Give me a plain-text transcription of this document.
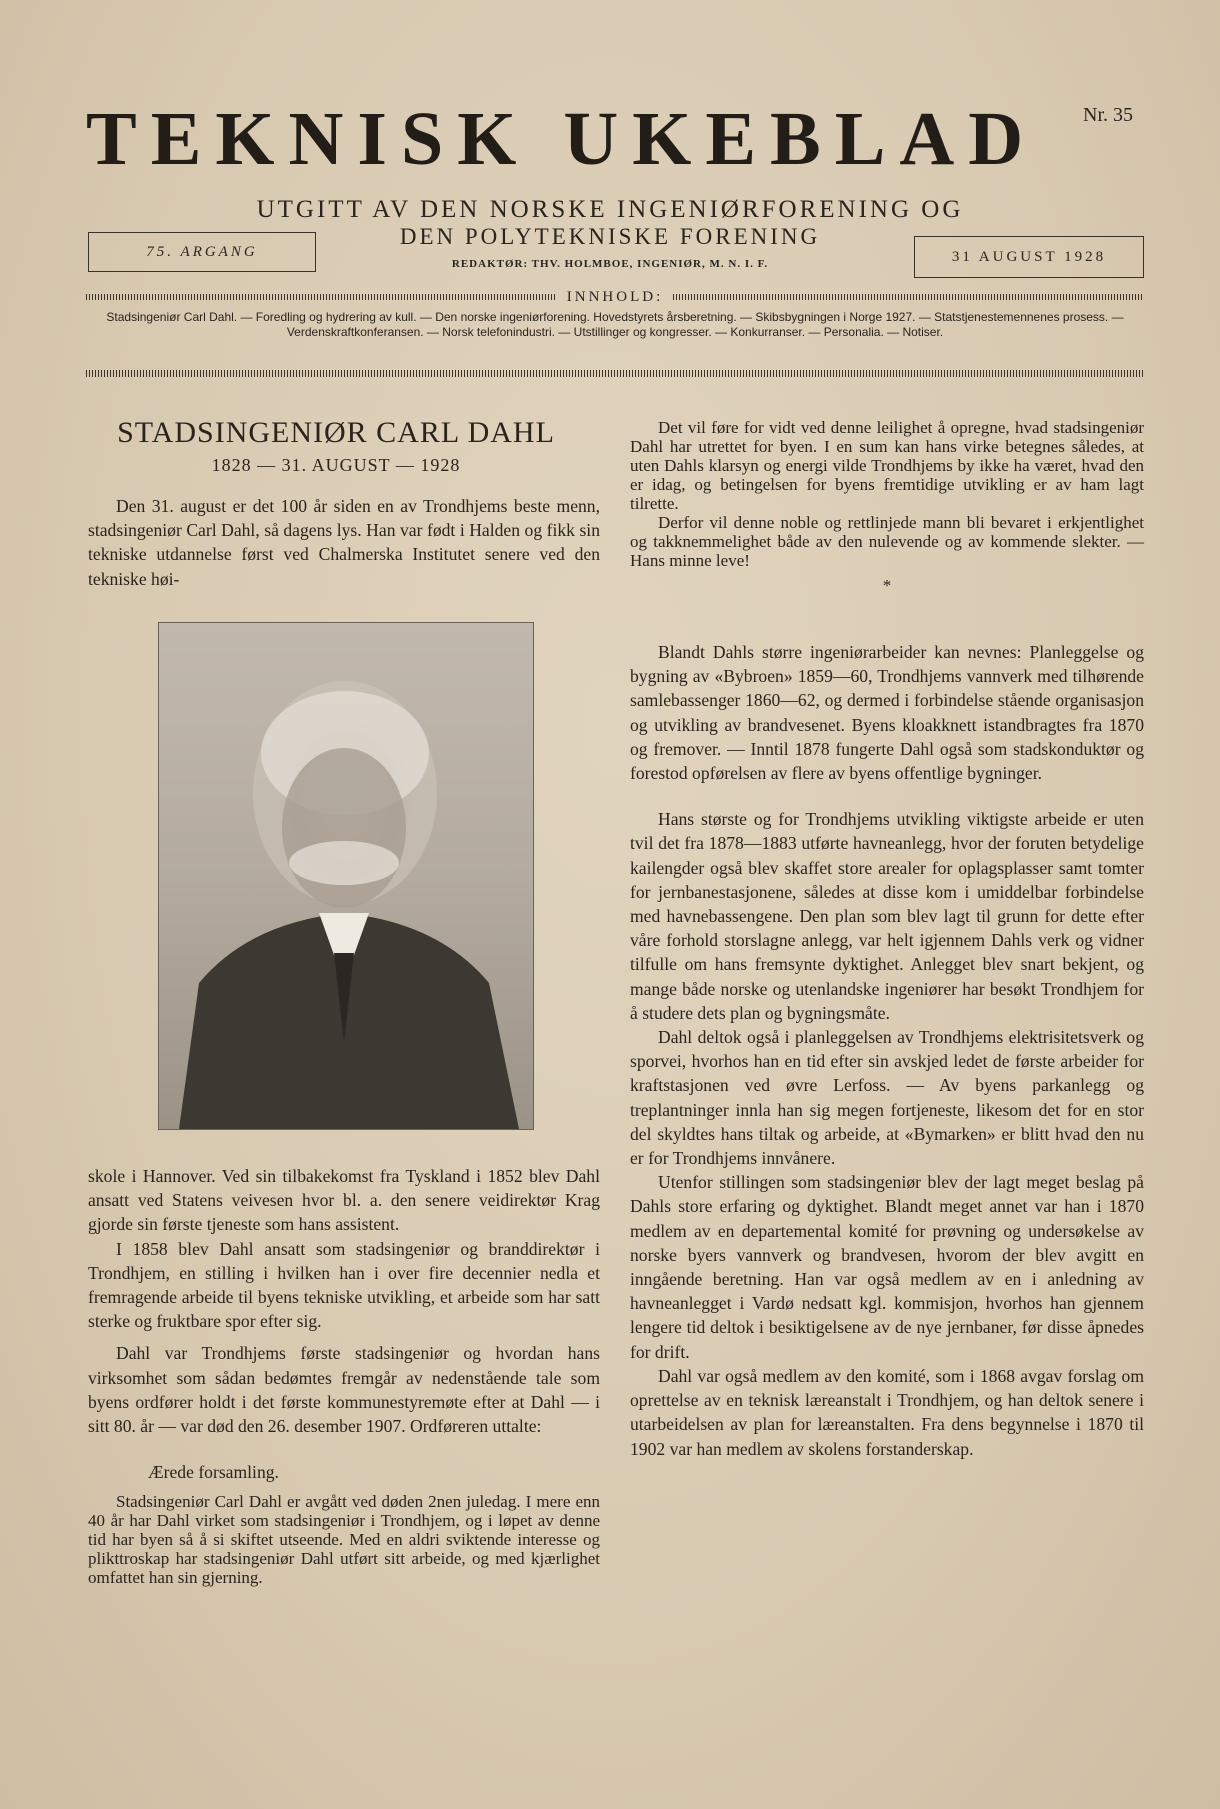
TEKNISK UKEBLAD	Nr. 35
UTGITT AV DEN NORSKE INGENIØRFORENING OG
DEN POLYTEKNISKE FORENING
REDAKTØR: THV. HOLMBOE, INGENIØR, M. N. I. F.
75. ARGANG	31 AUGUST 1928
INNHOLD:
Stadsingeniør Carl Dahl. — Foredling og hydrering av kull. — Den norske ingeniørforening. Hovedstyrets årsberetning. — Skibsbygningen i Norge 1927. — Statstjenestemennenes prosess. — Verdenskraftkonferansen. — Norsk telefonindustri. — Utstillinger og kongresser. — Konkurranser. — Personalia. — Notiser.
STADSINGENIØR CARL DAHL
1828 — 31. AUGUST — 1928

Den 31. august er det 100 år siden en av Trondhjems beste menn, stadsingeniør Carl Dahl, så dagens lys. Han var født i Halden og fikk sin tekniske utdannelse først ved Chalmerska Institutet senere ved den tekniske høi-

skole i Hannover. Ved sin tilbakekomst fra Tyskland i 1852 blev Dahl ansatt ved Statens veivesen hvor bl. a. den senere veidirektør Krag gjorde sin første tjeneste som hans assistent.

I 1858 blev Dahl ansatt som stadsingeniør og branddirektør i Trondhjem, en stilling i hvilken han i over fire decennier nedla et fremragende arbeide til byens tekniske utvikling, et arbeide som har satt sterke og fruktbare spor efter sig.

Dahl var Trondhjems første stadsingeniør og hvordan hans virksomhet som sådan bedømtes fremgår av nedenstående tale som byens ordfører holdt i det første kommunestyremøte efter at Dahl — i sitt 80. år — var død den 26. desember 1907. Ordføreren uttalte:

Ærede forsamling.

Stadsingeniør Carl Dahl er avgått ved døden 2nen juledag. I mere enn 40 år har Dahl virket som stadsingeniør i Trondhjem, og i løpet av denne tid har byen så å si skiftet utseende. Med en aldri sviktende interesse og plikttroskap har stadsingeniør Dahl utført sitt arbeide, og med kjærlighet omfattet han sin gjerning.

Det vil føre for vidt ved denne leilighet å opregne, hvad stadsingeniør Dahl har utrettet for byen. I en sum kan hans virke betegnes således, at uten Dahls klarsyn og energi vilde Trondhjems by ikke ha været, hvad den er idag, og betingelsen for byens fremtidige utvikling er av ham lagt tilrette.

Derfor vil denne noble og rettlinjede mann bli bevaret i erkjentlighet og takknemmelighet både av den nulevende og av kommende slekter. — Hans minne leve!

*

Blandt Dahls større ingeniørarbeider kan nevnes: Planleggelse og bygning av «Bybroen» 1859—60, Trondhjems vannverk med tilhørende samlebassenger 1860—62, og dermed i forbindelse stående organisasjon og utvikling av brandvesenet. Byens kloakknett istandbragtes fra 1870 og fremover. — Inntil 1878 fungerte Dahl også som stadskonduktør og forestod opførelsen av flere av byens offentlige bygninger.

Hans største og for Trondhjems utvikling viktigste arbeide er uten tvil det fra 1878—1883 utførte havneanlegg, hvor der foruten betydelige kailengder også blev skaffet store arealer for oplagsplasser samt tomter for jernbanestasjonene, således at disse kom i umiddelbar forbindelse med havnebassengene. Den plan som blev lagt til grunn for dette efter våre forhold storslagne anlegg, var helt igjennem Dahls verk og vidner tilfulle om hans fremsynte dyktighet. Anlegget blev snart bekjent, og mange både norske og utenlandske ingeniører har besøkt Trondhjem for å studere dets plan og bygningsmåte.

Dahl deltok også i planleggelsen av Trondhjems elektrisitetsverk og sporvei, hvorhos han en tid efter sin avskjed ledet de første arbeider for kraftstasjonen ved øvre Lerfoss. — Av byens parkanlegg og treplantninger innla han sig megen fortjeneste, likesom det for en stor del skyldtes hans tiltak og arbeide, at «Bymarken» er blitt hvad den nu er for Trondhjems innvånere.

Utenfor stillingen som stadsingeniør blev der lagt meget beslag på Dahls store erfaring og dyktighet. Blandt meget annet var han i 1870 medlem av en departemental komité for prøvning og undersøkelse av norske byers vannverk og brandvesen, hvorom der blev avgitt en inngående beretning. Han var også medlem av en i anledning av havneanlegget i Vardø nedsatt kgl. kommisjon, hvorhos han gjennem lengere tid deltok i besiktigelsene av de nye jernbaner, før disse åpnedes for drift.

Dahl var også medlem av den komité, som i 1868 avgav forslag om oprettelse av en teknisk læreanstalt i Trondhjem, og han deltok senere i utarbeidelsen av plan for læreanstalten. Fra dens begynnelse i 1870 til 1902 var han medlem av skolens forstanderskap.
